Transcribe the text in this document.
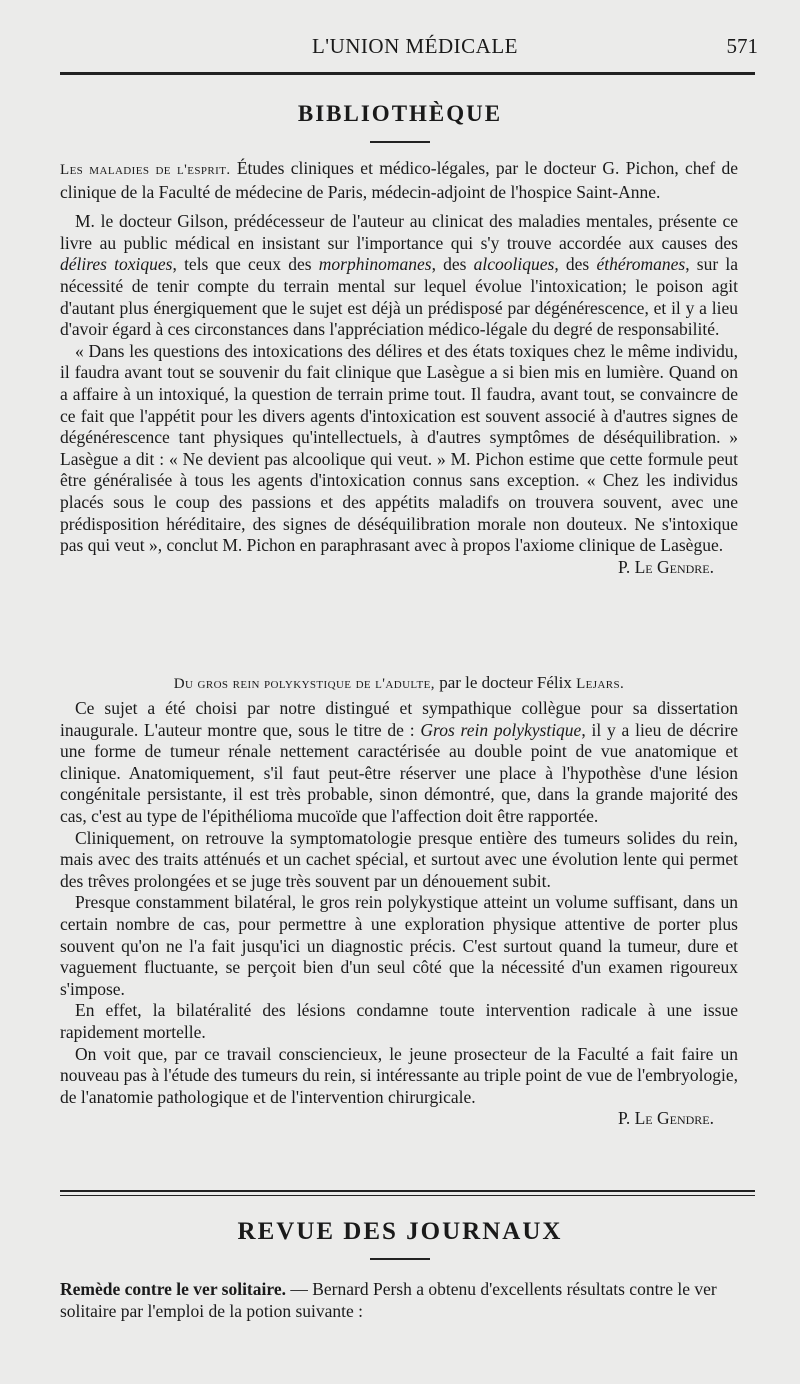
L'UNION MÉDICALE	571
BIBLIOTHÈQUE

Les maladies de l'esprit. Études cliniques et médico-légales, par le docteur G. Pichon, chef de clinique de la Faculté de médecine de Paris, médecin-adjoint de l'hospice Saint-Anne.

M. le docteur Gilson, prédécesseur de l'auteur au clinicat des maladies mentales, présente ce livre au public médical en insistant sur l'importance qui s'y trouve accordée aux causes des délires toxiques, tels que ceux des morphinomanes, des alcooliques, des éthéromanes, sur la nécessité de tenir compte du terrain mental sur lequel évolue l'intoxication; le poison agit d'autant plus énergiquement que le sujet est déjà un prédisposé par dégénérescence, et il y a lieu d'avoir égard à ces circonstances dans l'appréciation médico-légale du degré de responsabilité.

« Dans les questions des intoxications des délires et des états toxiques chez le même individu, il faudra avant tout se souvenir du fait clinique que Lasègue a si bien mis en lumière. Quand on a affaire à un intoxiqué, la question de terrain prime tout. Il faudra, avant tout, se convaincre de ce fait que l'appétit pour les divers agents d'intoxication est souvent associé à d'autres signes de dégénérescence tant physiques qu'intellectuels, à d'autres symptômes de déséquilibration. » Lasègue a dit : « Ne devient pas alcoolique qui veut. » M. Pichon estime que cette formule peut être généralisée à tous les agents d'intoxication connus sans exception. « Chez les individus placés sous le coup des passions et des appétits maladifs on trouvera souvent, avec une prédisposition héréditaire, des signes de déséquilibration morale non douteux. Ne s'intoxique pas qui veut », conclut M. Pichon en paraphrasant avec à propos l'axiome clinique de Lasègue.

P. Le Gendre.

Du gros rein polykystique de l'adulte, par le docteur Félix Lejars.

Ce sujet a été choisi par notre distingué et sympathique collègue pour sa dissertation inaugurale. L'auteur montre que, sous le titre de : Gros rein polykystique, il y a lieu de décrire une forme de tumeur rénale nettement caractérisée au double point de vue anatomique et clinique. Anatomiquement, s'il faut peut-être réserver une place à l'hypothèse d'une lésion congénitale persistante, il est très probable, sinon démontré, que, dans la grande majorité des cas, c'est au type de l'épithélioma mucoïde que l'affection doit être rapportée.

Cliniquement, on retrouve la symptomatologie presque entière des tumeurs solides du rein, mais avec des traits atténués et un cachet spécial, et surtout avec une évolution lente qui permet des trêves prolongées et se juge très souvent par un dénouement subit.

Presque constamment bilatéral, le gros rein polykystique atteint un volume suffisant, dans un certain nombre de cas, pour permettre à une exploration physique attentive de porter plus souvent qu'on ne l'a fait jusqu'ici un diagnostic précis. C'est surtout quand la tumeur, dure et vaguement fluctuante, se perçoit bien d'un seul côté que la nécessité d'un examen rigoureux s'impose.

En effet, la bilatéralité des lésions condamne toute intervention radicale à une issue rapidement mortelle.

On voit que, par ce travail consciencieux, le jeune prosecteur de la Faculté a fait faire un nouveau pas à l'étude des tumeurs du rein, si intéressante au triple point de vue de l'embryologie, de l'anatomie pathologique et de l'intervention chirurgicale.

P. Le Gendre.

REVUE DES JOURNAUX
Remède contre le ver solitaire. — Bernard Persh a obtenu d'excellents résultats contre le ver solitaire par l'emploi de la potion suivante :
